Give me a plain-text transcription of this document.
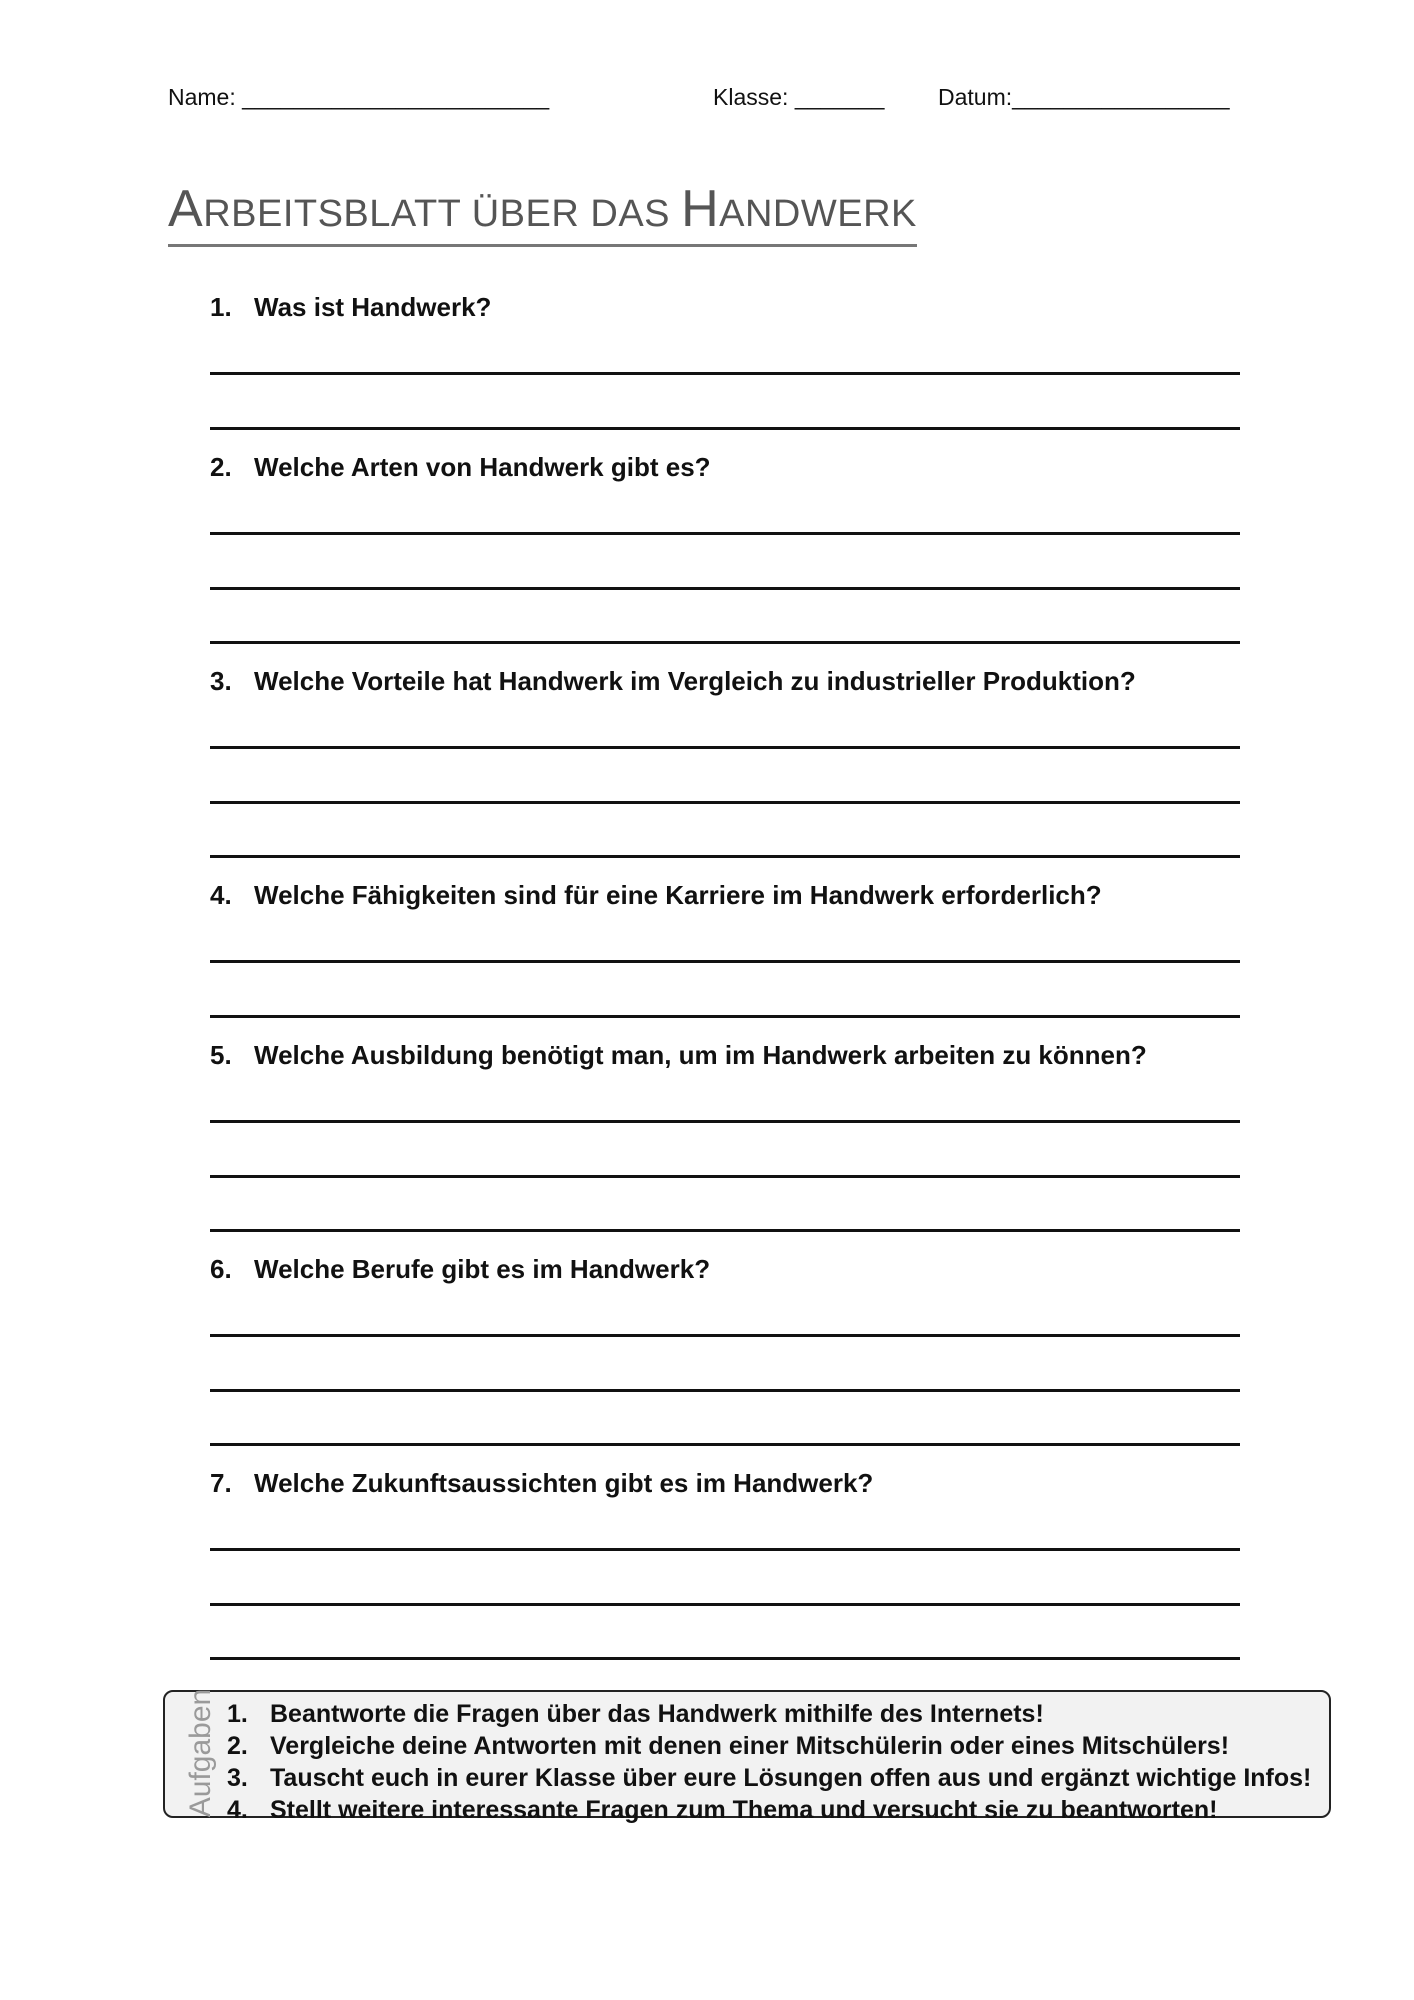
Name: ________________________	Klasse: _______ Datum:_________________
ARBEITSBLATT ÜBER DAS HANDWERK
1. Was ist Handwerk?
2. Welche Arten von Handwerk gibt es?
3. Welche Vorteile hat Handwerk im Vergleich zu industrieller Produktion?
4. Welche Fähigkeiten sind für eine Karriere im Handwerk erforderlich?
5. Welche Ausbildung benötigt man, um im Handwerk arbeiten zu können?
6. Welche Berufe gibt es im Handwerk?
7. Welche Zukunftsaussichten gibt es im Handwerk?
Aufgaben 1. Beantworte die Fragen über das Handwerk mithilfe des Internets!
2. Vergleiche deine Antworten mit denen einer Mitschülerin oder eines Mitschülers!
3. Tauscht euch in eurer Klasse über eure Lösungen offen aus und ergänzt wichtige Infos!
4. Stellt weitere interessante Fragen zum Thema und versucht sie zu beantworten!
